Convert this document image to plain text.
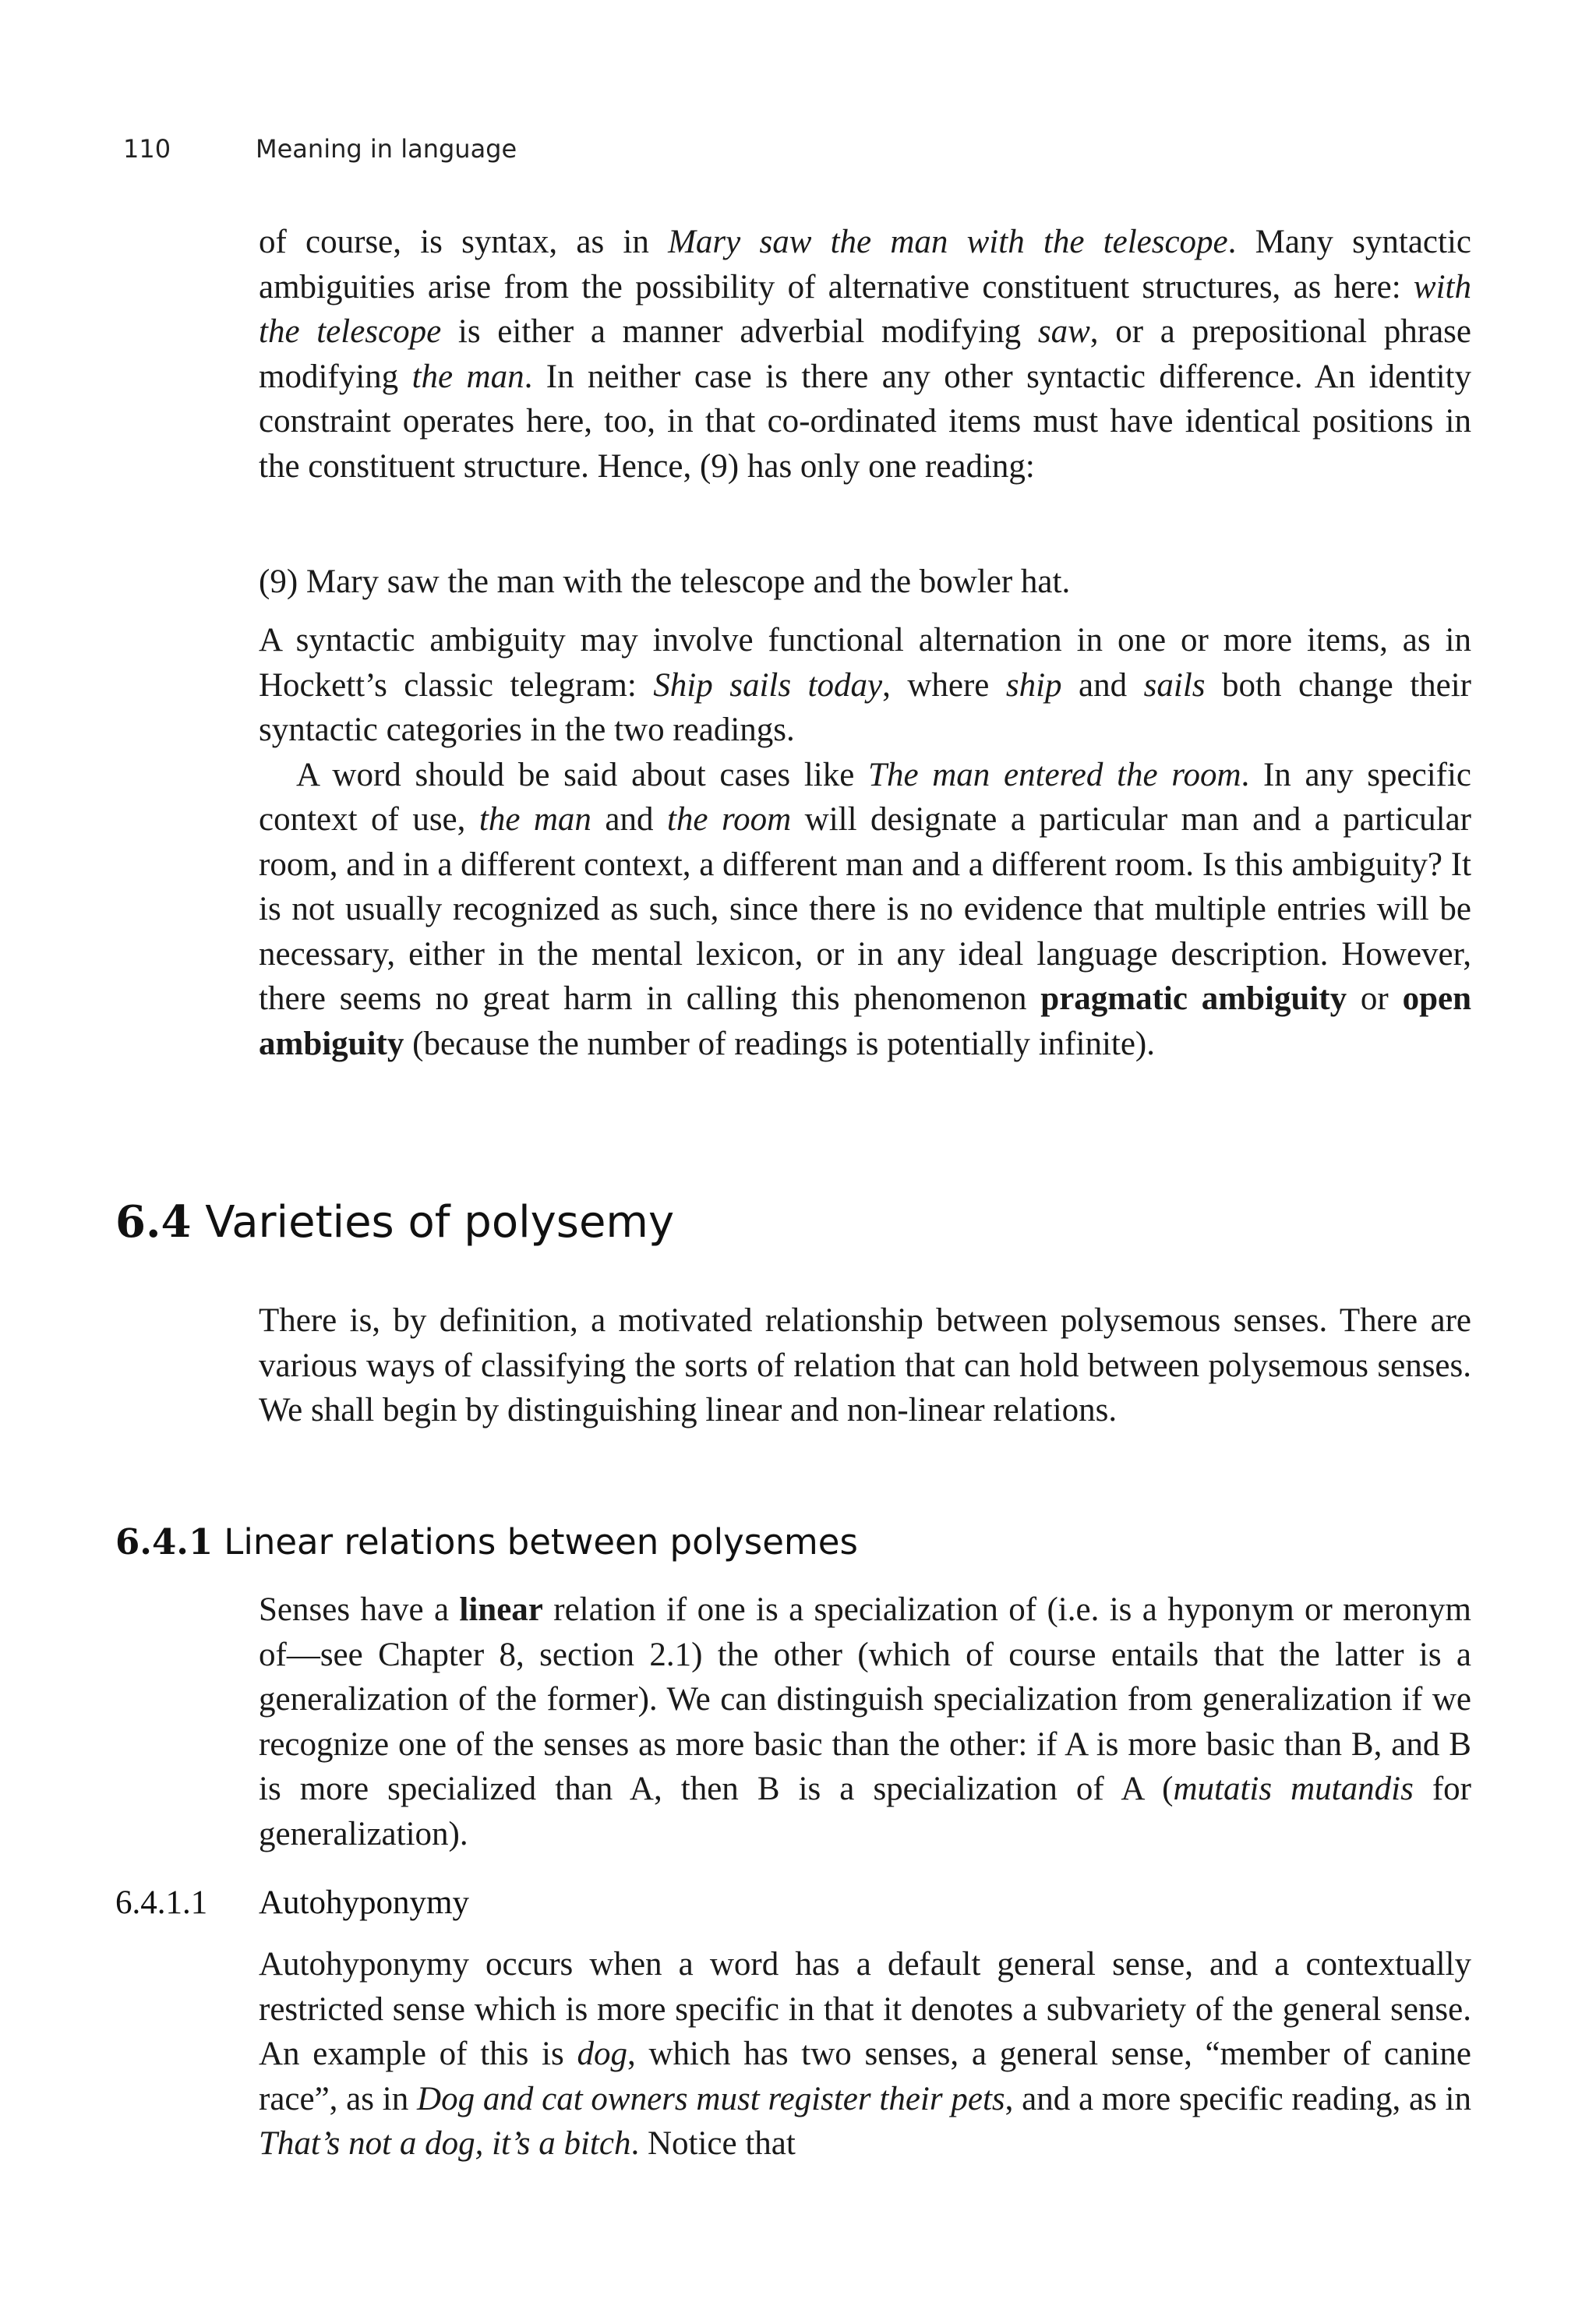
110	Meaning in language

of course, is syntax, as in Mary saw the man with the telescope. Many syntactic ambiguities arise from the possibility of alternative constituent structures, as here: with the telescope is either a manner adverbial modifying saw, or a prepositional phrase modifying the man. In neither case is there any other syntactic difference. An identity constraint operates here, too, in that co-ordinated items must have identical positions in the constituent structure. Hence, (9) has only one reading:

(9) Mary saw the man with the telescope and the bowler hat.

A syntactic ambiguity may involve functional alternation in one or more items, as in Hockett’s classic telegram: Ship sails today, where ship and sails both change their syntactic categories in the two readings.

A word should be said about cases like The man entered the room. In any specific context of use, the man and the room will designate a particular man and a particular room, and in a different context, a different man and a different room. Is this ambiguity? It is not usually recognized as such, since there is no evidence that multiple entries will be necessary, either in the mental lexicon, or in any ideal language description. However, there seems no great harm in calling this phenomenon pragmatic ambiguity or open ambiguity (because the number of readings is potentially infinite).

6.4 Varieties of polysemy

There is, by definition, a motivated relationship between polysemous senses. There are various ways of classifying the sorts of relation that can hold between polysemous senses. We shall begin by distinguishing linear and non-linear relations.

6.4.1 Linear relations between polysemes

Senses have a linear relation if one is a specialization of (i.e. is a hyponym or meronym of—see Chapter 8, section 2.1) the other (which of course entails that the latter is a generalization of the former). We can distinguish specialization from generalization if we recognize one of the senses as more basic than the other: if A is more basic than B, and B is more specialized than A, then B is a specialization of A (mutatis mutandis for generalization).

6.4.1.1 Autohyponymy

Autohyponymy occurs when a word has a default general sense, and a contextually restricted sense which is more specific in that it denotes a subvariety of the general sense. An example of this is dog, which has two senses, a general sense, “member of canine race”, as in Dog and cat owners must register their pets, and a more specific reading, as in That’s not a dog, it’s a bitch. Notice that
